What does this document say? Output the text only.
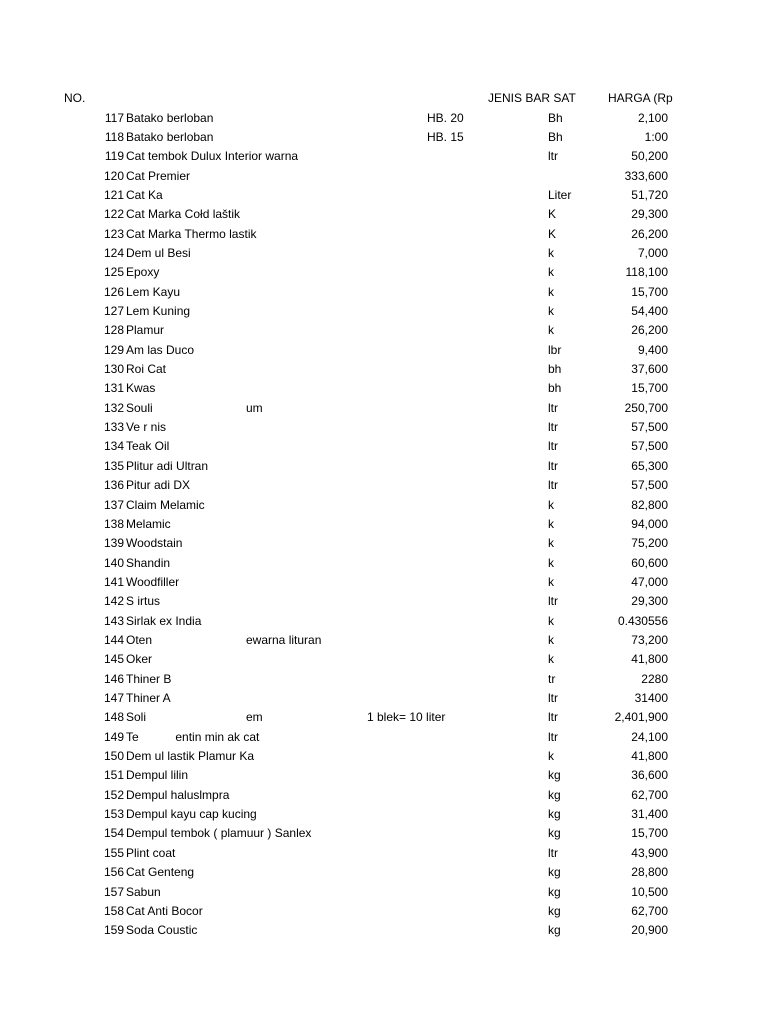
NO.	JENIS BAR SAT	HARGA (Rp
117 Batako berloban	HB. 20	Bh	2,100
118 Batako berloban	HB. 15	Bh	1:00
119 Cat tembok Dulux Interior warna	ltr	50,200
120 Cat Premier	333,600
121 Cat Ka	Liter	51,720
122 Cat Marka Cołd laštik	K	29,300
123 Cat Marka Thermo lastik	K	26,200
124 Dem ul Besi	k	7,000
125 Epoxy	k	118,100
126 Lem Kayu	k	15,700
127 Lem Kuning	k	54,400
128 Plamur	k	26,200
129 Am las Duco	lbr	9,400
130 Roi Cat	bh	37,600
131 Kwas	bh	15,700
132 Souli	um	ltr	250,700
133 Ve r nis	ltr	57,500
134 Teak Oil	ltr	57,500
135 Plitur adi Ultran	ltr	65,300
136 Pitur adi DX	ltr	57,500
137 Claim Melamic	k	82,800
138 Melamic	k	94,000
139 Woodstain	k	75,200
140 Shandin	k	60,600
141 Woodfiller	k	47,000
142 S irtus	ltr	29,300
143 Sirlak ex India	k	0.430556
144 Oten	ewarna lituran	k	73,200
145 Oker	k	41,800
146 Thiner B	tr	2280
147 Thiner A	ltr	31400
148 Soli	em	1 blek= 10 liter	ltr	2,401,900
149 Te           entin min ak cat	ltr	24,100
150 Dem ul lastik Plamur Ka	k	41,800
151 Dempul lilin	kg	36,600
152 Dempul haluslmpra	kg	62,700
153 Dempul kayu cap kucing	kg	31,400
154 Dempul tembok ( plamuur ) Sanlex	kg	15,700
155 Plint coat	ltr	43,900
156 Cat Genteng	kg	28,800
157 Sabun	kg	10,500
158 Cat Anti Bocor	kg	62,700
159 Soda Coustic	kg	20,900
